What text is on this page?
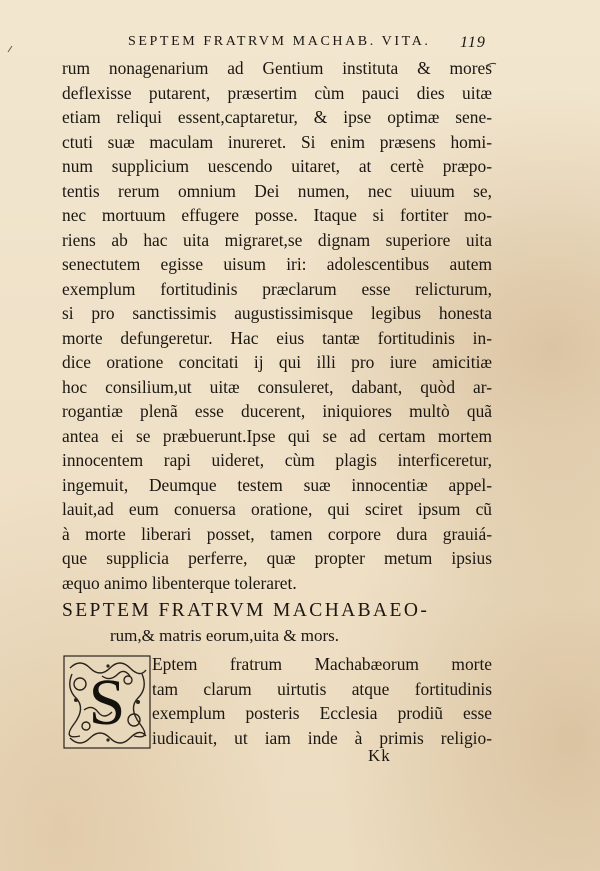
SEPTEM FRATRVM MACHAB. VITA.	119
rum nonagenarium ad Gentium instituta & mores
deflexisse putarent, præsertim cùm pauci dies uitæ
etiam reliqui essent,captaretur, & ipse optimæ sene-
ctuti suæ maculam inureret. Si enim præsens homi-
num supplicium uescendo uitaret, at certè præpo-
tentis rerum omnium Dei numen, nec uiuum se,
nec mortuum effugere posse. Itaque si fortiter mo-
riens ab hac uita migraret,se dignam superiore uita
senectutem egisse uisum iri: adolescentibus autem
exemplum fortitudinis præclarum esse relicturum,
si pro sanctissimis augustissimisque legibus honesta
morte defungeretur. Hac eius tantæ fortitudinis in-
dice oratione concitati ij qui illi pro iure amicitiæ
hoc consilium,ut uitæ consuleret, dabant, quòd ar-
rogantiæ plenã esse ducerent, iniquiores multò quã
antea ei se præbuerunt.Ipse qui se ad certam mortem
innocentem rapi uideret, cùm plagis interficeretur,
ingemuit, Deumque testem suæ innocentiæ appel-
lauit,ad eum conuersa oratione, qui sciret ipsum cũ
à morte liberari posset, tamen corpore dura grauiá-
que supplicia perferre, quæ propter metum ipsius
æquo animo libenterque toleraret.
SEPTEM FRATRVM MACHABAEO-
rum,& matris eorum,uita & mors.
S
Eptem fratrum Machabæorum morte
tam clarum uirtutis atque fortitudinis
exemplum posteris Ecclesia prodiũ esse
iudicauit, ut iam inde à primis religio-
Kk
